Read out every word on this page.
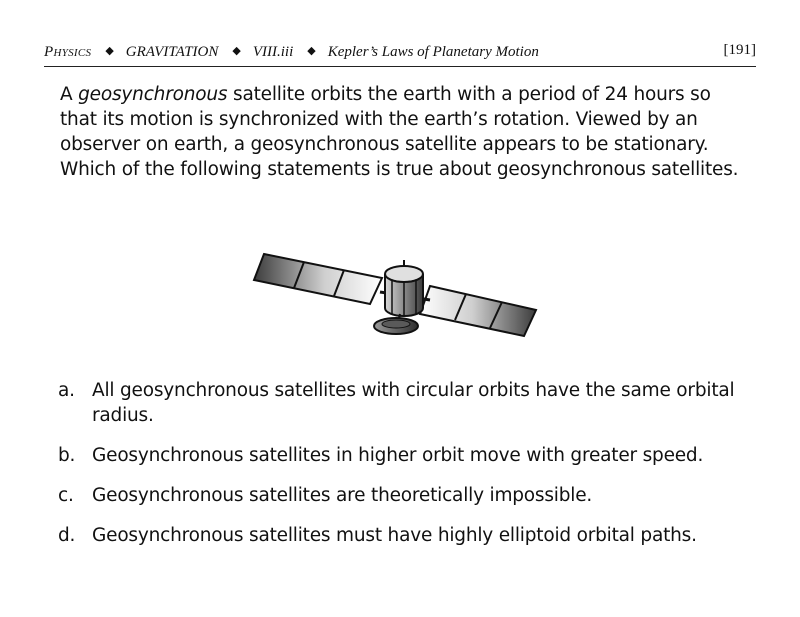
Physics ◆ GRAVITATION ◆ VIII.iii ◆ Kepler’s Laws of Planetary Motion	[191]
A geosynchronous satellite orbits the earth with a period of 24 hours so that its motion is synchronized with the earth’s rotation. Viewed by an observer on earth, a geosynchronous satellite appears to be stationary. Which of the following statements is true about geosynchronous satellites.
a. All geosynchronous satellites with circular orbits have the same orbital radius.
b. Geosynchronous satellites in higher orbit move with greater speed.
c. Geosynchronous satellites are theoretically impossible.
d. Geosynchronous satellites must have highly elliptoid orbital paths.
